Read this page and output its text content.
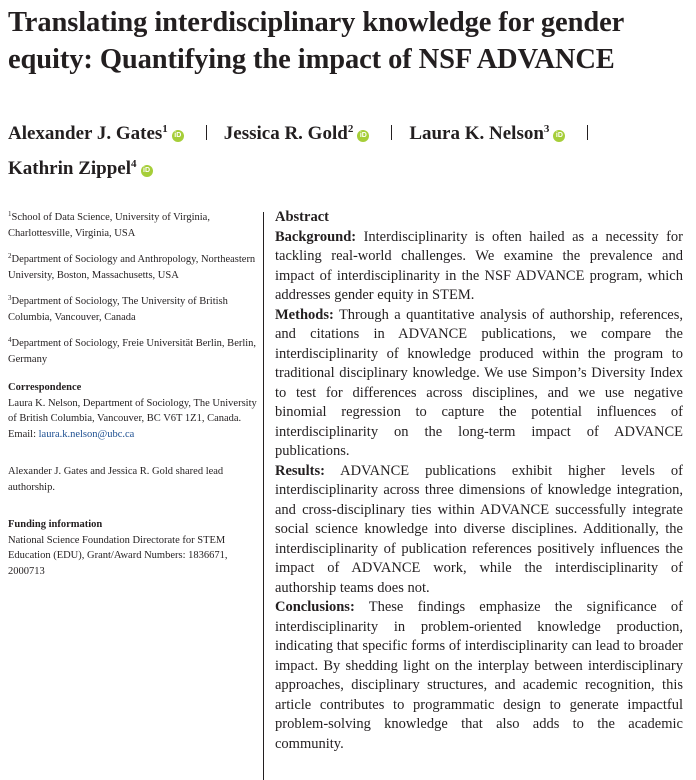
Translating interdisciplinary knowledge for gender equity: Quantifying the impact of NSF ADVANCE
Alexander J. Gates$^1$iD Jessica R. Gold$^2$iD Laura K. Nelson$^3$iD
Kathrin Zippel$^4$iD

$^1$School of Data Science, University of Virginia, Charlottesville, Virginia, USA

$^2$Department of Sociology and Anthropology, Northeastern University, Boston, Massachusetts, USA

$^3$Department of Sociology, The University of British Columbia, Vancouver, Canada

$^4$Department of Sociology, Freie Universität Berlin, Berlin, Germany

Correspondence

Laura K. Nelson, Department of Sociology, The University of British Columbia, Vancouver, BC V6T 1Z1, Canada.
Email: laura.k.nelson@ubc.ca

Alexander J. Gates and Jessica R. Gold shared lead authorship.

Funding information

National Science Foundation Directorate for STEM Education (EDU), Grant/Award Numbers: 1836671, 2000713

Abstract

Background: Interdisciplinarity is often hailed as a necessity for tackling real-world challenges. We examine the prevalence and impact of interdisciplinarity in the NSF ADVANCE program, which addresses gender equity in STEM.

Methods: Through a quantitative analysis of authorship, references, and citations in ADVANCE publications, we compare the interdisciplinarity of knowledge produced within the program to traditional disciplinary knowledge. We use Simpon’s Diversity Index to test for differences across disciplines, and we use negative binomial regression to capture the potential influences of interdisciplinarity on the long-term impact of ADVANCE publications.

Results: ADVANCE publications exhibit higher levels of interdisciplinarity across three dimensions of knowledge integration, and cross-disciplinary ties within ADVANCE successfully integrate social science knowledge into diverse disciplines. Additionally, the interdisciplinarity of publication references positively influences the impact of ADVANCE work, while the interdisciplinarity of authorship teams does not.

Conclusions: These findings emphasize the significance of interdisciplinarity in problem-oriented knowledge production, indicating that specific forms of interdisciplinarity can lead to broader impact. By shedding light on the interplay between interdisciplinary approaches, disciplinary structures, and academic recognition, this article contributes to programmatic design to generate impactful problem-solving knowledge that also adds to the academic community.
